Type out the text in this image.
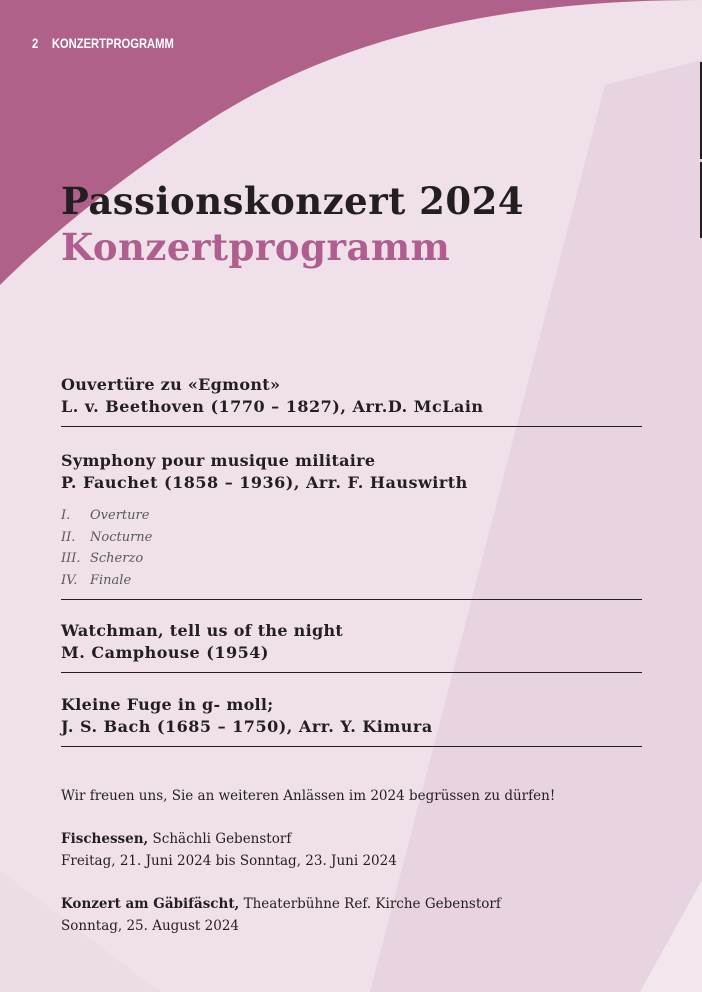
2 KONZERTPROGRAMM
Passionskonzert 2024
Konzertprogramm
Ouvertüre zu «Egmont»
L. v. Beethoven (1770 – 1827), Arr.D. McLain
Symphony pour musique militaire
P. Fauchet (1858 – 1936), Arr. F. Hauswirth
I.	Overture
II.	Nocturne
III. Scherzo
IV. Finale
Watchman, tell us of the night
M. Camphouse (1954)
Kleine Fuge in g- moll;
J. S. Bach (1685 – 1750), Arr. Y. Kimura

Wir freuen uns, Sie an weiteren Anlässen im 2024 begrüssen zu dürfen!

Fischessen, Schächli Gebenstorf

Freitag, 21. Juni 2024 bis Sonntag, 23. Juni 2024

Konzert am Gäbifäscht, Theaterbühne Ref. Kirche Gebenstorf

Sonntag, 25. August 2024
